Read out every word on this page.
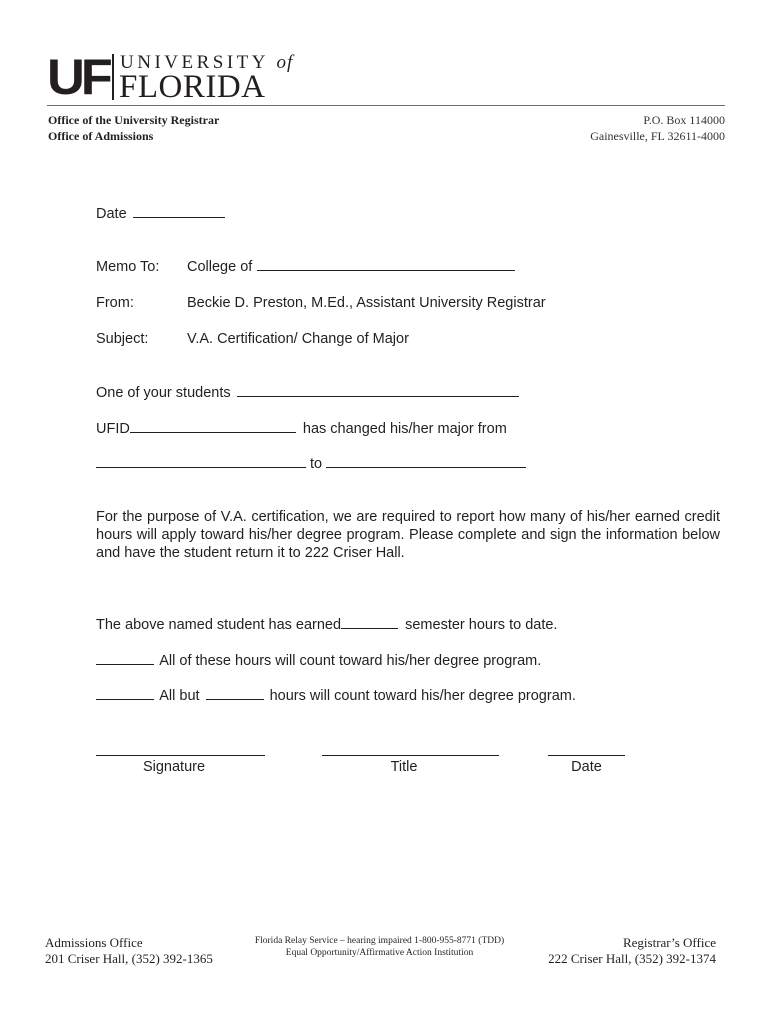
UF UNIVERSITY of
FLORIDA
Office of the University Registrar
Office of Admissions
P.O. Box 114000
Gainesville, FL 32611-4000
Date
Memo To: College of
From:	Beckie D. Preston, M.Ed., Assistant University Registrar
Subject:	V.A. Certification/ Change of Major
One of your students
UFID	has changed his/her major from
to
For the purpose of V.A. certification, we are required to report how many of his/her earned credit hours will apply toward his/her degree program. Please complete and sign the information below and have the student return it to 222 Criser Hall.
The above named student has earned	semester hours to date.
All of these hours will count toward his/her degree program.
All but	hours will count toward his/her degree program.
Signature	Title	Date
Admissions Office
201 Criser Hall, (352) 392-1365
Florida Relay Service – hearing impaired 1-800-955-8771 (TDD)
Equal Opportunity/Affirmative Action Institution
Registrar’s Office
222 Criser Hall, (352) 392-1374
